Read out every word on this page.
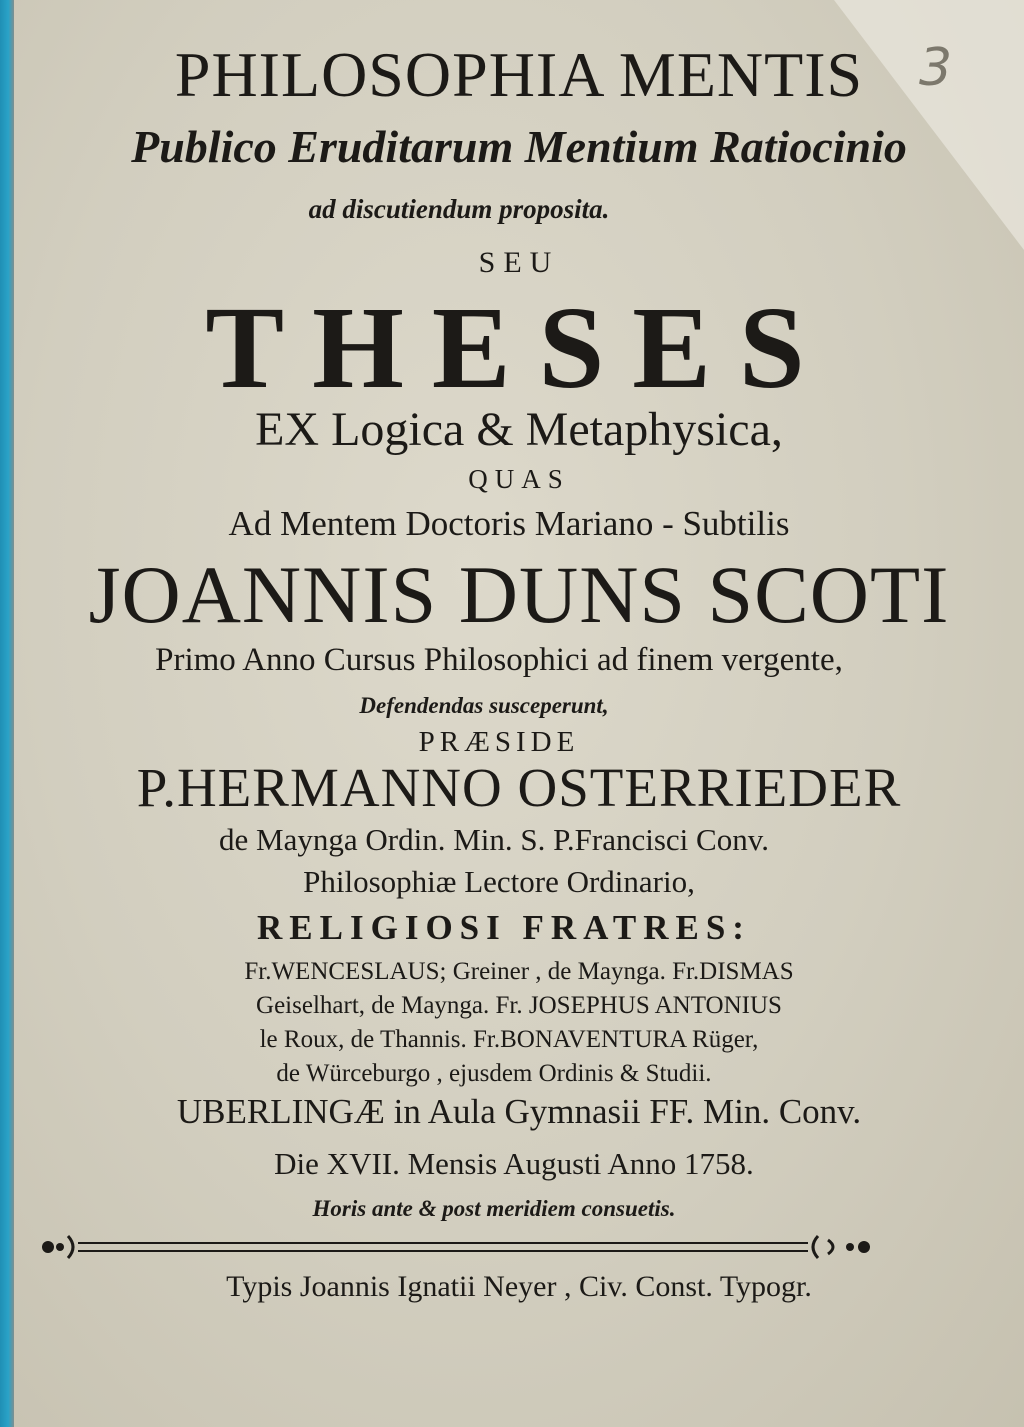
3
PHILOSOPHIA MENTIS
Publico Eruditarum Mentium Ratiocinio
ad discutiendum proposita.
SEU
THESES
EX Logica & Metaphysica,
QUAS
Ad Mentem Doctoris Mariano - Subtilis
JOANNIS DUNS SCOTI
Primo Anno Cursus Philosophici ad finem vergente,
Defendendas susceperunt,
PRÆSIDE
P.HERMANNO OSTERRIEDER
de Maynga Ordin. Min. S. P.Francisci Conv.
Philosophiæ Lectore Ordinario,
RELIGIOSI FRATRES:
Fr.WENCESLAUS; Greiner , de Maynga. Fr.DISMAS
Geiselhart, de Maynga. Fr. JOSEPHUS ANTONIUS
le Roux, de Thannis. Fr.BONAVENTURA Rüger,
de Würceburgo , ejusdem Ordinis & Studii.
UBERLINGÆ in Aula Gymnasii FF. Min. Conv.
Die XVII. Mensis Augusti Anno 1758.
Horis ante & post meridiem consuetis.
Typis Joannis Ignatii Neyer , Civ. Const. Typogr.
